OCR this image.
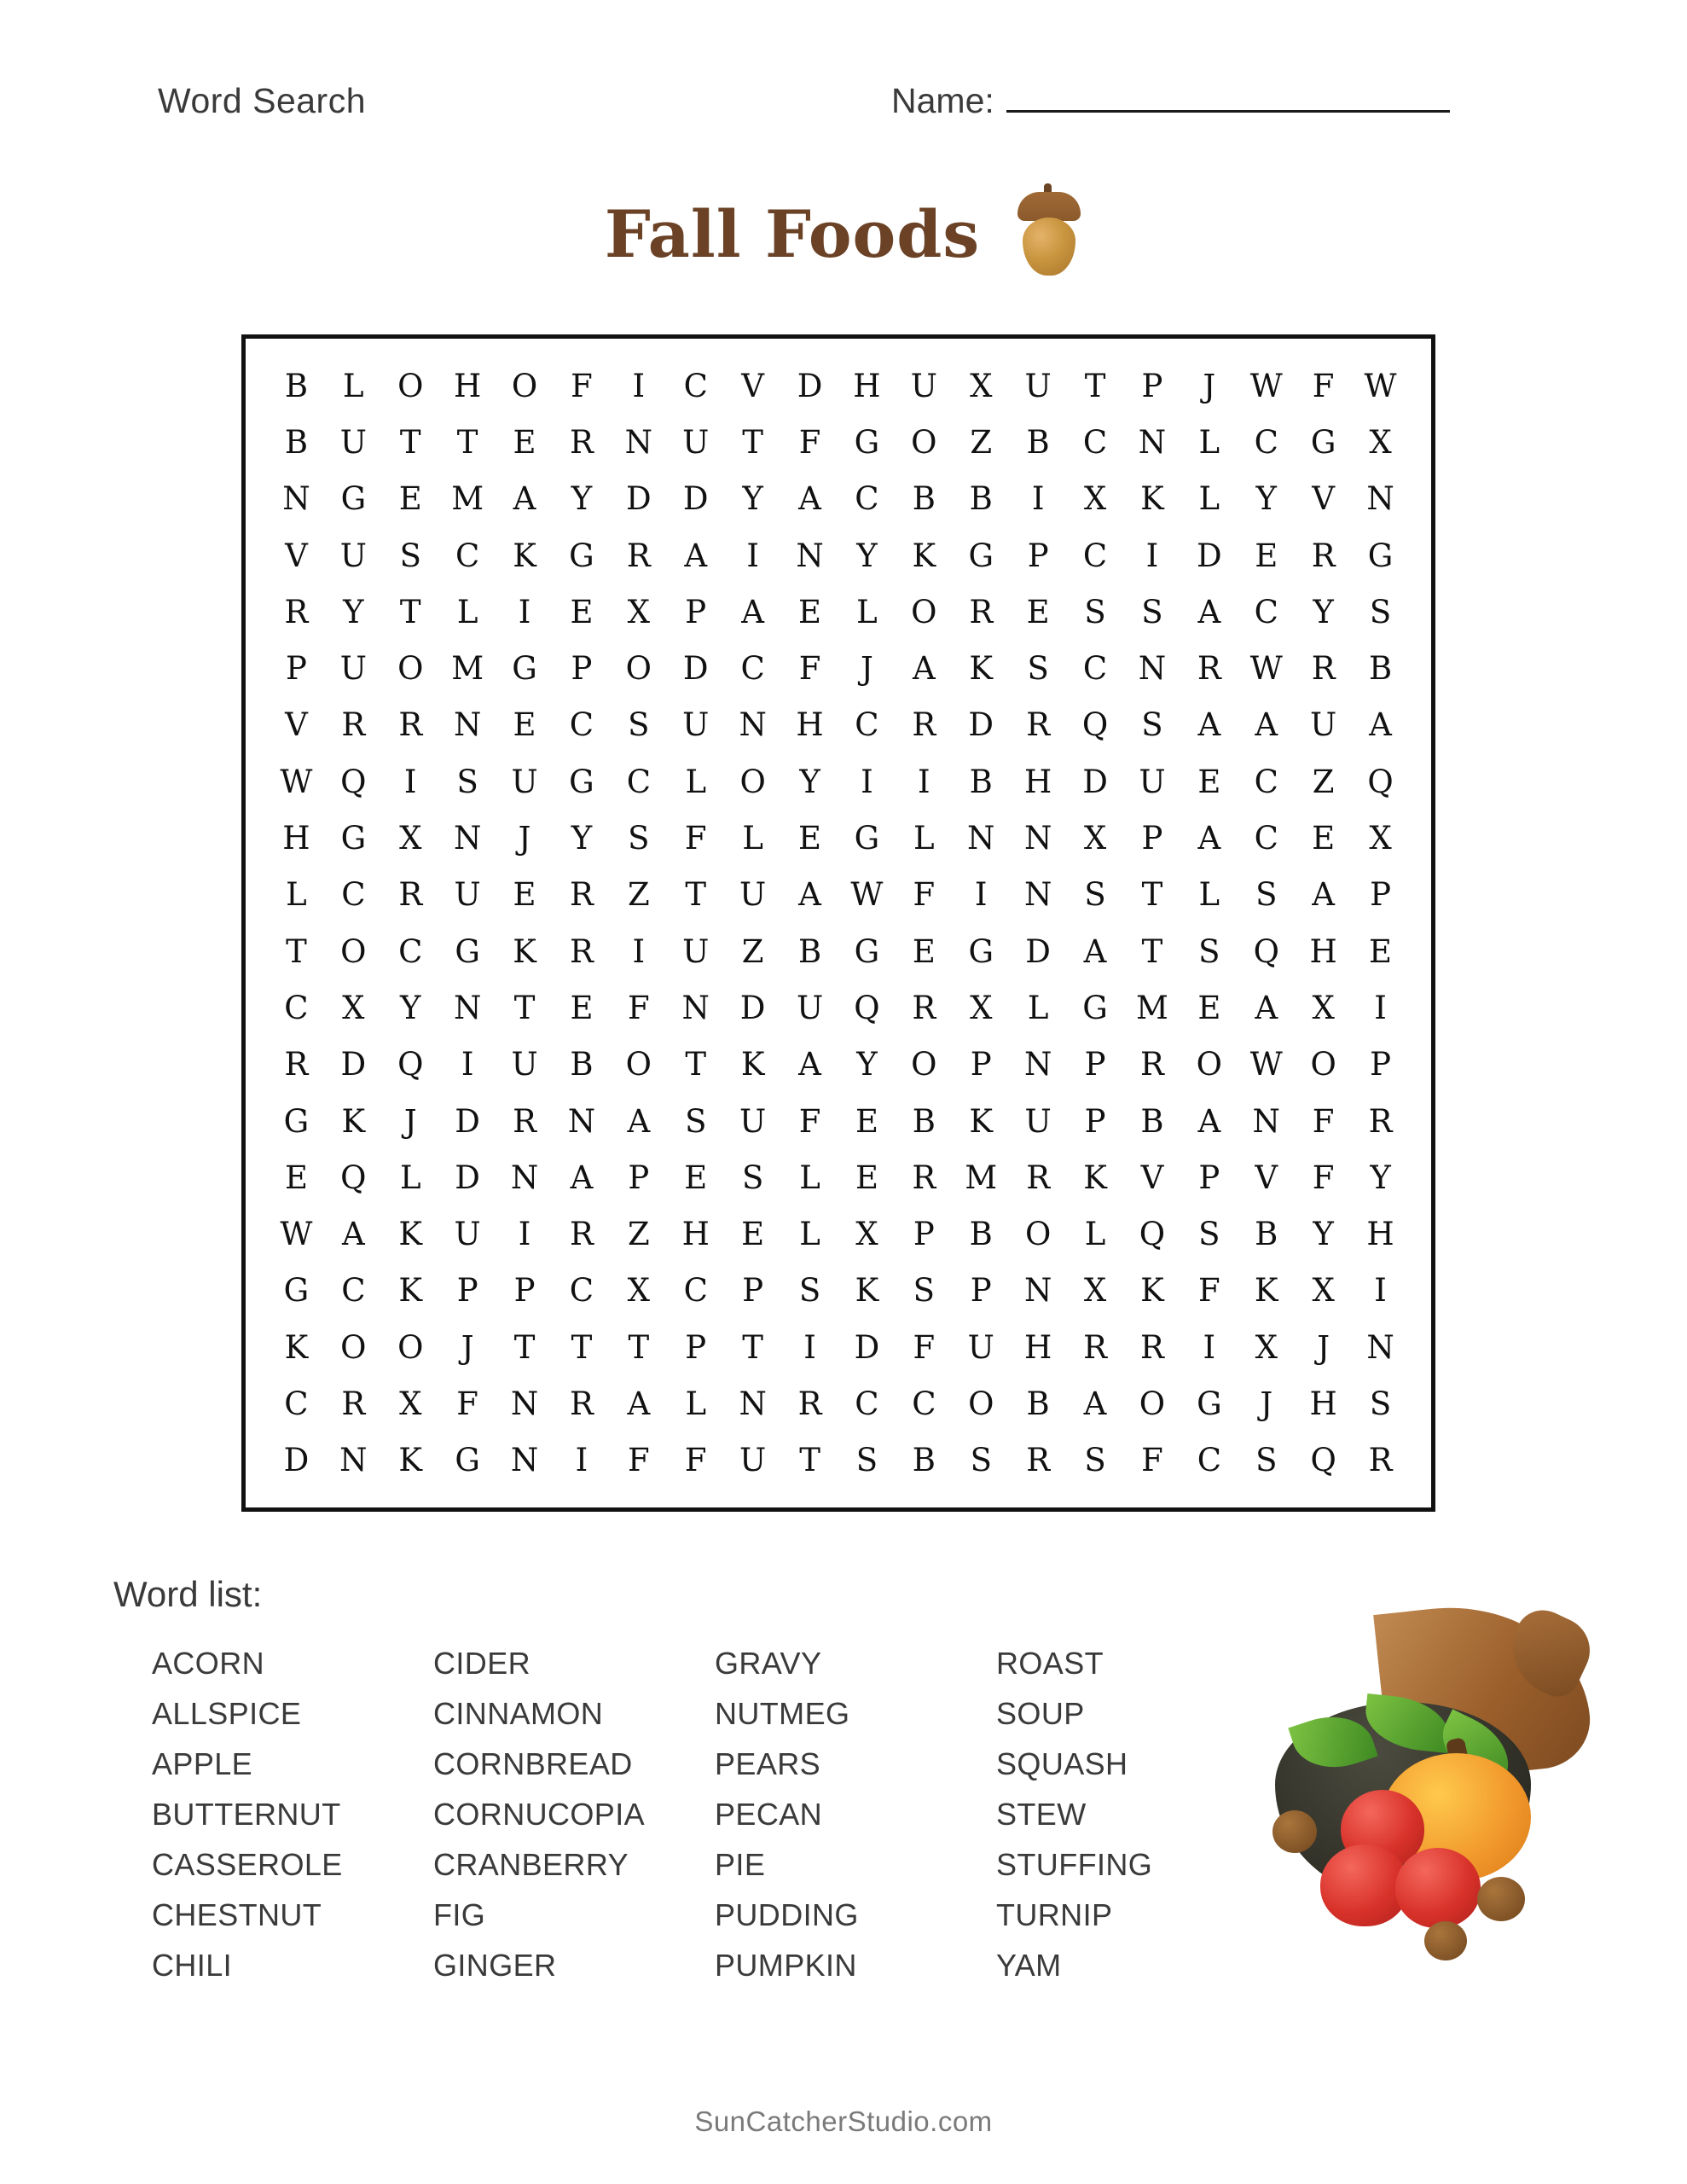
Word Search	Name:
Fall Foods
B	L	O H O	F	I	C	V	D H U	X	U	T	P	J	W F W
B	U	T	T	E	R N U	T	F	G O	Z	B	C N	L	C	G	X
N G	E M A	Y	D	D	Y	A	C	B	B	I	X	K	L	Y	V	N
V	U	S	C	K	G	R	A	I	N	Y	K	G	P	C	I	D	E	R	G
R	Y	T	L	I	E	X	P	A	E	L	O	R	E	S	S	A	C	Y	S
P	U O M G	P	O D	C	F	J	A	K	S	C N R W R	B
V	R	R N	E	C	S	U N H C	R	D	R	Q	S	A	A	U	A
W Q	I	S	U G	C	L	O	Y	I	I	B	H D U	E	C	Z	Q
H G	X	N	J	Y	S	F	L	E	G	L	N N	X	P	A	C	E	X
L	C	R	U	E	R	Z	T	U	A W F	I	N	S	T	L	S	A	P
T	O	C	G	K	R	I	U	Z	B	G	E	G	D	A	T	S	Q H	E
C	X	Y	N	T	E	F	N D U Q	R	X	L	G M E	A	X	I
R	D Q	I	U	B	O	T	K	A	Y	O	P	N	P	R	O W O	P
G	K	J	D	R N	A	S	U	F	E	B	K	U	P	B	A	N	F	R
E	Q	L	D N	A	P	E	S	L	E	R M R	K	V	P	V	F	Y
W A	K	U	I	R	Z	H	E	L	X	P	B	O	L	Q	S	B	Y	H
G	C	K	P	P	C	X	C	P	S	K	S	P	N	X	K	F	K	X	I
K	O O	J	T	T	T	P	T	I	D	F	U H R	R	I	X	J	N
C	R	X	F	N R	A	L	N R	C	C	O	B	A	O G	J	H	S
D N K	G N	I	F	F	U	T	S	B	S	R	S	F	C	S	Q	R
Word list:
ACORN
ALLSPICE
APPLE
BUTTERNUT
CASSEROLE
CHESTNUT
CHILI
CIDER
CINNAMON
CORNBREAD
CORNUCOPIA
CRANBERRY
FIG
GINGER
GRAVY
NUTMEG
PEARS
PECAN
PIE
PUDDING
PUMPKIN
ROAST
SOUP
SQUASH
STEW
STUFFING
TURNIP
YAM
SunCatcherStudio.com
